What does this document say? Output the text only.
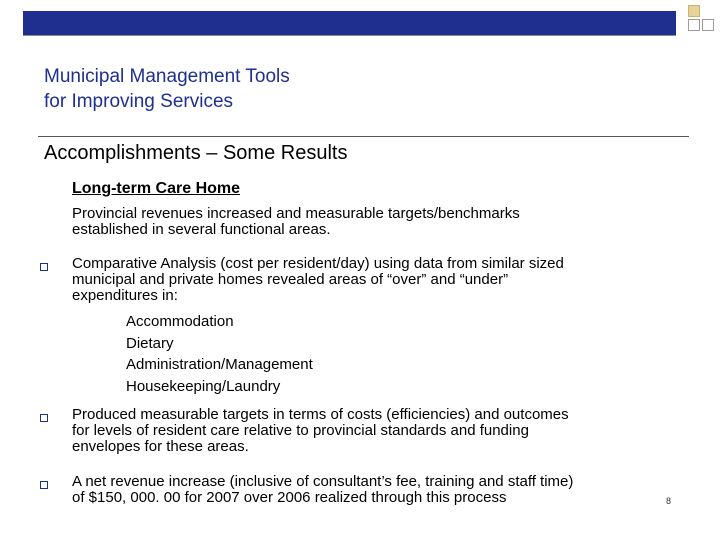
Municipal Management Tools
for Improving Services
Accomplishments – Some Results
Long-term Care Home
Provincial revenues increased and measurable targets/benchmarks
established in several functional areas.
Comparative Analysis (cost per resident/day) using data from similar sized
municipal and private homes revealed areas of “over” and “under”
expenditures in:
Accommodation
Dietary
Administration/Management
Housekeeping/Laundry
Produced measurable targets in terms of costs (efficiencies) and outcomes
for levels of resident care relative to provincial standards and funding
envelopes for these areas.
A net revenue increase (inclusive of consultant’s fee, training and staff time)
of $150, 000. 00 for 2007 over 2006 realized through this process	8
